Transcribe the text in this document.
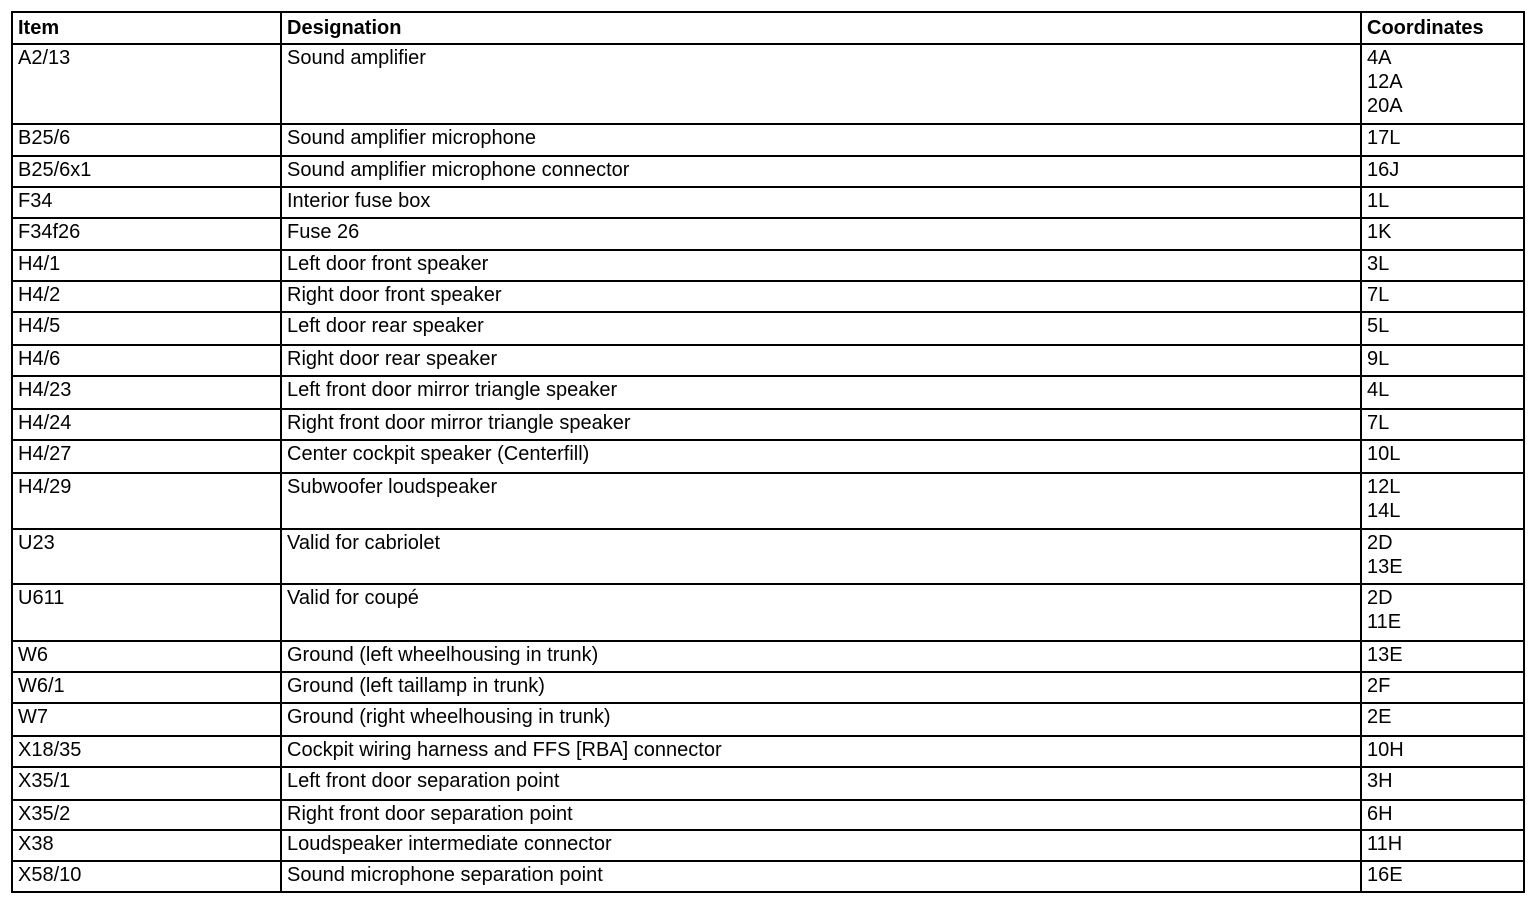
Item	Designation	Coordinates
A2/13	Sound amplifier	4A
12A
20A

B25/6	Sound amplifier microphone	17L

B25/6x1	Sound amplifier microphone connector	16J

F34	Interior fuse box	1L

F34f26	Fuse 26	1K

H4/1	Left door front speaker	3L

H4/2	Right door front speaker	7L

H4/5	Left door rear speaker	5L

H4/6	Right door rear speaker	9L

H4/23	Left front door mirror triangle speaker	4L

H4/24	Right front door mirror triangle speaker	7L

H4/27	Center cockpit speaker (Centerfill)	10L

H4/29	Subwoofer loudspeaker	12L
14L

U23	Valid for cabriolet	2D
13E

U611	Valid for coupé	2D
11E

W6	Ground (left wheelhousing in trunk)	13E

W6/1	Ground (left taillamp in trunk)	2F

W7	Ground (right wheelhousing in trunk)	2E

X18/35	Cockpit wiring harness and FFS [RBA] connector	10H

X35/1	Left front door separation point	3H

X35/2	Right front door separation point	6H

X38	Loudspeaker intermediate connector	11H

X58/10	Sound microphone separation point	16E
